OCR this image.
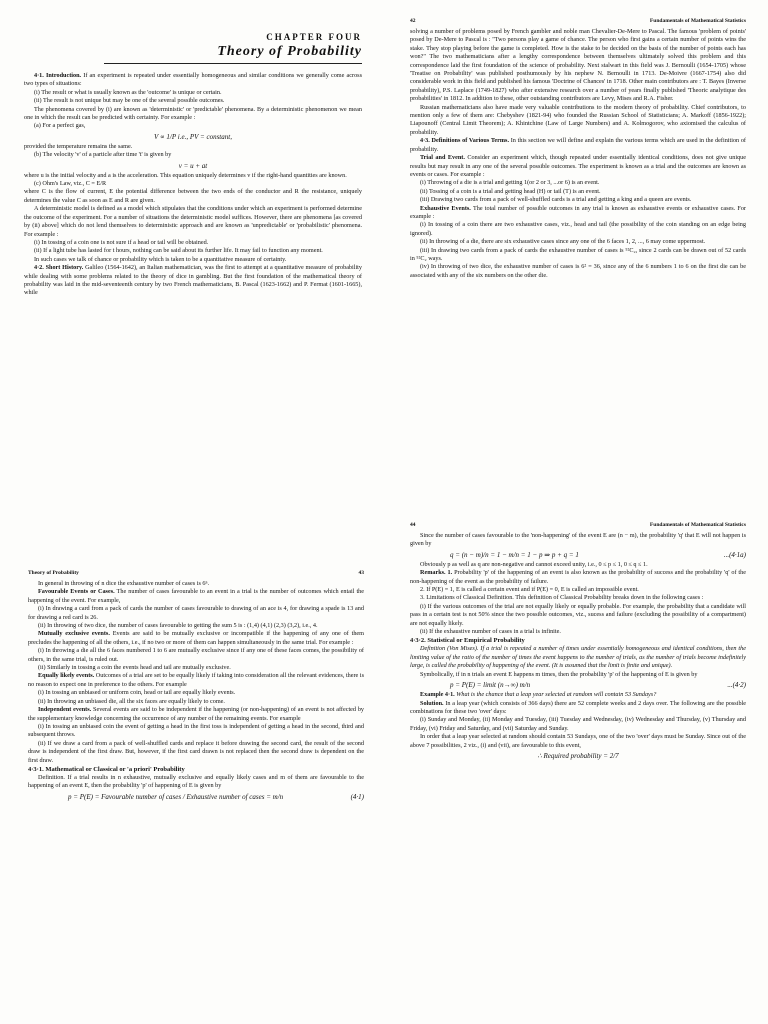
CHAPTER FOUR
Theory of Probability

4·1. Introduction. If an experiment is repeated under essentially homogeneous and similar conditions we generally come across two types of situations:

(i) The result or what is usually known as the 'outcome' is unique or certain.

(ii) The result is not unique but may be one of the several possible outcomes.

The phenomena covered by (i) are known as 'deterministic' or 'predictable' phenomena. By a deterministic phenomenon we mean one in which the result can be predicted with certainty. For example :

(a) For a perfect gas,

V ∝ 1/P i.e., PV = constant,

provided the temperature remains the same.

(b) The velocity 'v' of a particle after time 't' is given by

v = u + at

where u is the initial velocity and a is the acceleration. This equation uniquely determines v if the right-hand quantities are known.

(c) Ohm's Law, viz., C = E/R

where C is the flow of current, E the potential difference between the two ends of the conductor and R the resistance, uniquely determines the value C as soon as E and R are given.

A deterministic model is defined as a model which stipulates that the conditions under which an experiment is performed determine the outcome of the experiment. For a number of situations the deterministic model suffices. However, there are phenomena [as covered by (ii) above] which do not lend themselves to deterministic approach and are known as 'unpredictable' or 'probabilistic' phenomena. For example :

(i) In tossing of a coin one is not sure if a head or tail will be obtained.

(ii) If a light tube has lasted for t hours, nothing can be said about its further life. It may fail to function any moment.

In such cases we talk of chance or probability which is taken to be a quantitative measure of certainty.

4·2. Short History. Galileo (1564-1642), an Italian mathematician, was the first to attempt at a quantitative measure of probability while dealing with some problems related to the theory of dice in gambling. But the first foundation of the mathematical theory of probability was laid in the mid-seventeenth century by two French mathematicians, B. Pascal (1623-1662) and P. Fermat (1601-1665), while

42	Fundamentals of Mathematical Statistics

solving a number of problems posed by French gambler and noble man Chevalier-De-Mere to Pascal. The famous 'problem of points' posed by De-Mere to Pascal is : "Two persons play a game of chance. The person who first gains a certain number of points wins the stake. They stop playing before the game is completed. How is the stake to be decided on the basis of the number of points each has won?" The two mathematicians after a lengthy correspondence between themselves ultimately solved this problem and this correspondence laid the first foundation of the science of probability. Next stalwart in this field was J. Bernoulli (1654-1705) whose 'Treatise on Probability' was published posthumously by his nephew N. Bernoulli in 1713. De-Moivre (1667-1754) also did considerable work in this field and published his famous 'Doctrine of Chances' in 1718. Other main contributors are : T. Bayes (Inverse probability), P.S. Laplace (1749-1827) who after extensive research over a number of years finally published 'Theoric analytique des probabilities' in 1812. In addition to these, other outstanding contributors are Levy, Mises and R.A. Fisher.

Russian mathematicians also have made very valuable contributions to the modern theory of probability. Chief contributors, to mention only a few of them are: Chebyshev (1821-94) who founded the Russian School of Statisticians; A. Markoff (1856-1922); Liapounoff (Central Limit Theorem); A. Khintchine (Law of Large Numbers) and A. Kolmogorov, who axiomised the calculus of probability.

4·3. Definitions of Various Terms. In this section we will define and explain the various terms which are used in the definition of probability.

Trial and Event. Consider an experiment which, though repeated under essentially identical conditions, does not give unique results but may result in any one of the several possible outcomes. The experiment is known as a trial and the outcomes are known as events or cases. For example :

(i) Throwing of a die is a trial and getting 1(or 2 or 3, ...or 6) is an event.

(ii) Tossing of a coin is a trial and getting head (H) or tail (T) is an event.

(iii) Drawing two cards from a pack of well-shuffled cards is a trial and getting a king and a queen are events.

Exhaustive Events. The total number of possible outcomes in any trial is known as exhaustive events or exhaustive cases. For example :

(i) In tossing of a coin there are two exhaustive cases, viz., head and tail (the possibility of the coin standing on an edge being ignored).

(ii) In throwing of a die, there are six exhaustive cases since any one of the 6 faces 1, 2, ..., 6 may come uppermost.

(iii) In drawing two cards from a pack of cards the exhaustive number of cases is ⁵²C₂, since 2 cards can be drawn out of 52 cards in ⁵²C₂ ways.

(iv) In throwing of two dice, the exhaustive number of cases is 6² = 36, since any of the 6 numbers 1 to 6 on the first die can be associated with any of the six numbers on the other die.

Theory of Probability	43

In general in throwing of n dice the exhaustive number of cases is 6ⁿ.

Favourable Events or Cases. The number of cases favourable to an event in a trial is the number of outcomes which entail the happening of the event. For example,

(i) In drawing a card from a pack of cards the number of cases favourable to drawing of an ace is 4, for drawing a spade is 13 and for drawing a red card is 26.

(ii) In throwing of two dice, the number of cases favourable to getting the sum 5 is : (1,4) (4,1) (2,3) (3,2), i.e., 4.

Mutually exclusive events. Events are said to be mutually exclusive or incompatible if the happening of any one of them precludes the happening of all the others, i.e., if no two or more of them can happen simultaneously in the same trial. For example :

(i) In throwing a die all the 6 faces numbered 1 to 6 are mutually exclusive since if any one of these faces comes, the possibility of others, in the same trial, is ruled out.

(ii) Similarly in tossing a coin the events head and tail are mutually exclusive.

Equally likely events. Outcomes of a trial are set to be equally likely if taking into consideration all the relevant evidences, there is no reason to expect one in preference to the others. For example

(i) In tossing an unbiased or uniform coin, head or tail are equally likely events.

(ii) In throwing an unbiased die, all the six faces are equally likely to come.

Independent events. Several events are said to be independent if the happening (or non-happening) of an event is not affected by the supplementary knowledge concerning the occurrence of any number of the remaining events. For example

(i) In tossing an unbiased coin the event of getting a head in the first toss is independent of getting a head in the second, third and subsequent throws.

(ii) If we draw a card from a pack of well-shuffled cards and replace it before drawing the second card, the result of the second draw is independent of the first draw. But, however, if the first card drawn is not replaced then the second draw is dependent on the first draw.

4·3·1. Mathematical or Classical or 'a priori' Probability

Definition. If a trial results in n exhaustive, mutually exclusive and equally likely cases and m of them are favourable to the happening of an event E, then the probability 'p' of happening of E is given by

p = P(E) = Favourable number of cases / Exhaustive number of cases = m/n	(4·1)
44	Fundamentals of Mathematical Statistics

Since the number of cases favourable to the 'non-happening' of the event E are (n − m), the probability 'q' that E will not happen is given by

q = (n − m)/n = 1 − m/n = 1 − p ⇒ p + q = 1	...(4·1a)

Obviously p as well as q are non-negative and cannot exceed unity, i.e., 0 ≤ p ≤ 1, 0 ≤ q ≤ 1.

Remarks. 1. Probability 'p' of the happening of an event is also known as the probability of success and the probability 'q' of the non-happening of the event as the probability of failure.

2. If P(E) = 1, E is called a certain event and if P(E) = 0, E is called an impossible event.

3. Limitations of Classical Definition. This definition of Classical Probability breaks down in the following cases :

(i) If the various outcomes of the trial are not equally likely or equally probable. For example, the probability that a candidate will pass in a certain test is not 50% since the two possible outcomes, viz., sucess and failure (excluding the possibility of a compartment) are not equally likely.

(ii) If the exhaustive number of cases in a trial is infinite.

4·3·2. Statistical or Empirical Probability

Definition (Von Mises). If a trial is repeated a number of times under essentially homogeneous and identical conditions, then the limiting value of the ratio of the number of times the event happens to the number of trials, as the number of trials become indefinitely large, is called the probability of happening of the event. (It is assumed that the limit is finite and unique).

Symbolically, if in n trials an event E happens m times, then the probability 'p' of the happening of E is given by

p = P(E) = limit (n→∞) m/n	...(4·2)

Example 4·1. What is the chance that a leap year selected at random will contain 53 Sundays?

Solution. In a leap year (which consists of 366 days) there are 52 complete weeks and 2 days over. The following are the possible combinations for these two 'over' days:

(i) Sunday and Monday, (ii) Monday and Tuesday, (iii) Tuesday and Wednesday, (iv) Wednesday and Thursday, (v) Thursday and Friday, (vi) Friday and Saturday, and (vii) Saturday and Sunday.

In order that a leap year selected at random should contain 53 Sundays, one of the two 'over' days must be Sunday. Since out of the above 7 possibilities, 2 viz., (i) and (vii), are favourable to this event,

∴ Required probability = 2/7
